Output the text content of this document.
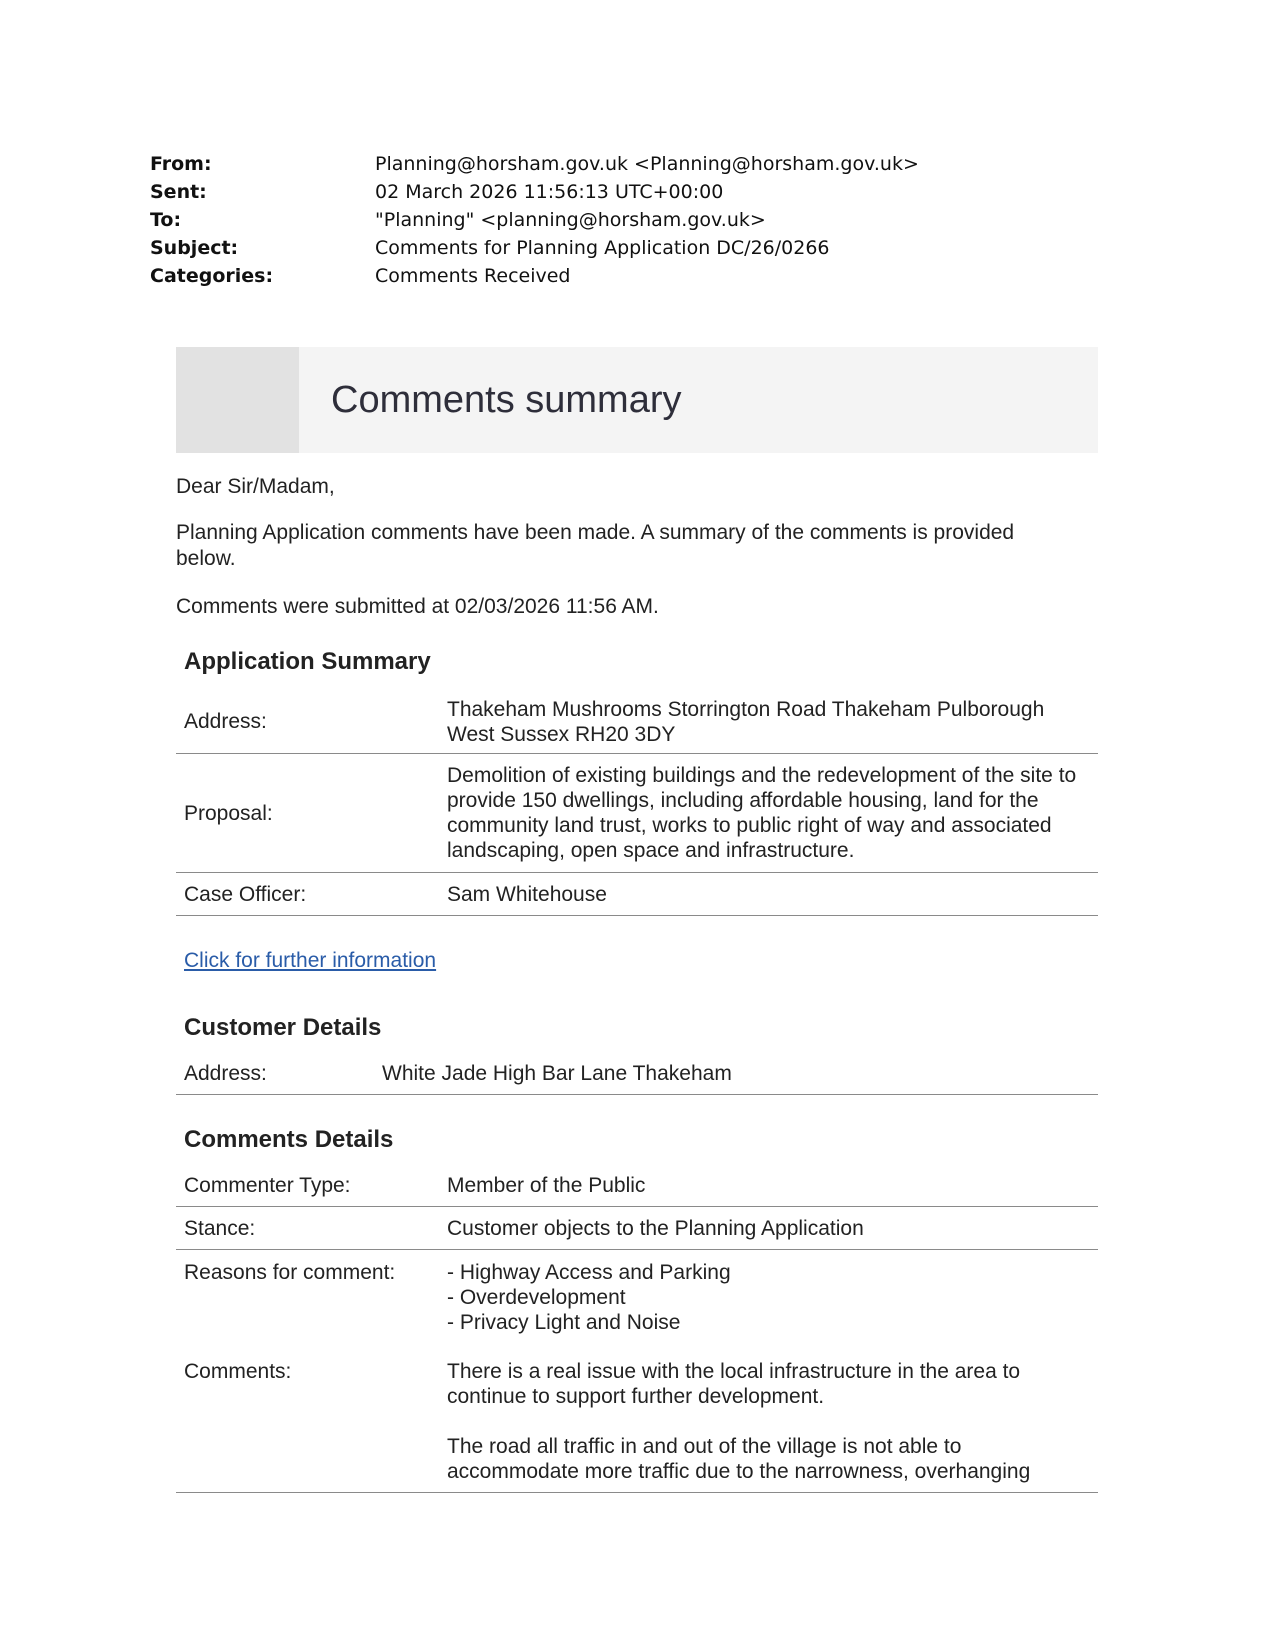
From:	Planning@horsham.gov.uk <Planning@horsham.gov.uk>
Sent:	02 March 2026 11:56:13 UTC+00:00
To:	"Planning" <planning@horsham.gov.uk>
Subject:	Comments for Planning Application DC/26/0266
Categories:	Comments Received
Comments summary
Dear Sir/Madam,
Planning Application comments have been made. A summary of the comments is provided below.
Comments were submitted at 02/03/2026 11:56 AM.
Application Summary
Address:	Thakeham Mushrooms Storrington Road Thakeham Pulborough West Sussex RH20 3DY
Proposal:	Demolition of existing buildings and the redevelopment of the site to provide 150 dwellings, including affordable housing, land for the community land trust, works to public right of way and associated landscaping, open space and infrastructure.
Case Officer:	Sam Whitehouse
Click for further information
Customer Details
Address:	White Jade High Bar Lane Thakeham
Comments Details
Commenter Type:	Member of the Public
Stance:	Customer objects to the Planning Application
Reasons for comment:	- Highway Access and Parking
- Overdevelopment
- Privacy Light and Noise

Comments:	There is a real issue with the local infrastructure in the area to continue to support further development.
The road all traffic in and out of the village is not able to accommodate more traffic due to the narrowness, overhanging
